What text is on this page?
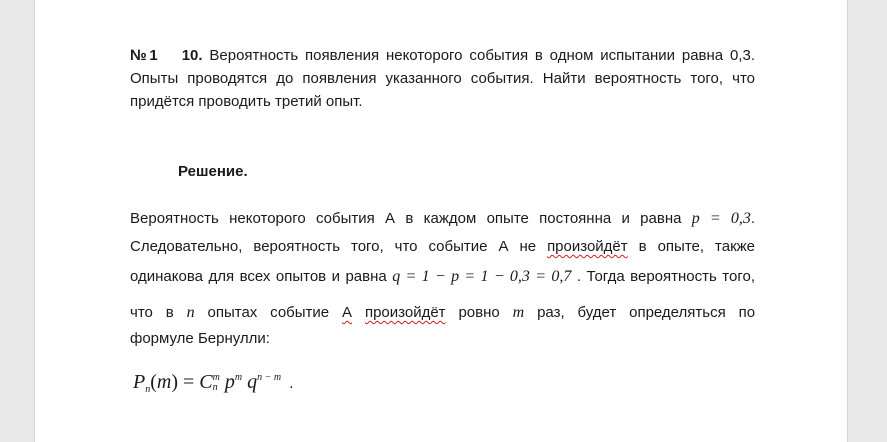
№1 10. Вероятность появления некоторого события в одном испытании равна 0,3. Опыты проводятся до появления указанного события. Найти вероятность того, что придётся проводить третий опыт.
Решение.
Вероятность некоторого события А в каждом опыте постоянна и равна p = 0,3.
Следовательно, вероятность того, что событие А не произойдёт в опыте, также
одинакова для всех опытов и равна q = 1 − p = 1 − 0,3 = 0,7 . Тогда вероятность того,
что в n опытах событие А произойдёт ровно m раз, будет определяться по
формуле Бернулли:
$P_n(m) = C$ m
n $p^m$ $q^{n - m}$ .
